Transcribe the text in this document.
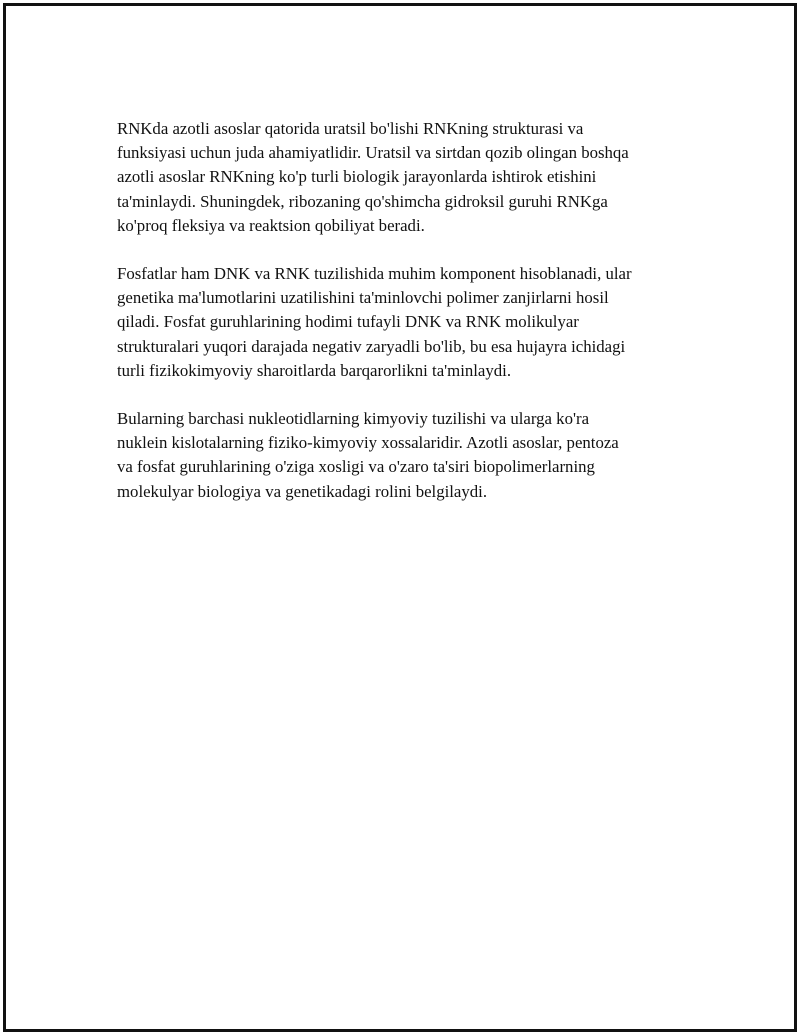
RNKda azotli asoslar qatorida uratsil bo'lishi RNKning strukturasi va
funksiyasi uchun juda ahamiyatlidir. Uratsil va sirtdan qozib olingan boshqa
azotli asoslar RNKning ko'p turli biologik jarayonlarda ishtirok etishini
ta'minlaydi. Shuningdek, ribozaning qo'shimcha gidroksil guruhi RNKga
ko'proq fleksiya va reaktsion qobiliyat beradi.

Fosfatlar ham DNK va RNK tuzilishida muhim komponent hisoblanadi, ular
genetika ma'lumotlarini uzatilishini ta'minlovchi polimer zanjirlarni hosil
qiladi. Fosfat guruhlarining hodimi tufayli DNK va RNK molikulyar
strukturalari yuqori darajada negativ zaryadli bo'lib, bu esa hujayra ichidagi
turli fizikokimyoviy sharoitlarda barqarorlikni ta'minlaydi.

Bularning barchasi nukleotidlarning kimyoviy tuzilishi va ularga ko'ra
nuklein kislotalarning fiziko-kimyoviy xossalaridir. Azotli asoslar, pentoza
va fosfat guruhlarining o'ziga xosligi va o'zaro ta'siri biopolimerlarning
molekulyar biologiya va genetikadagi rolini belgilaydi.
